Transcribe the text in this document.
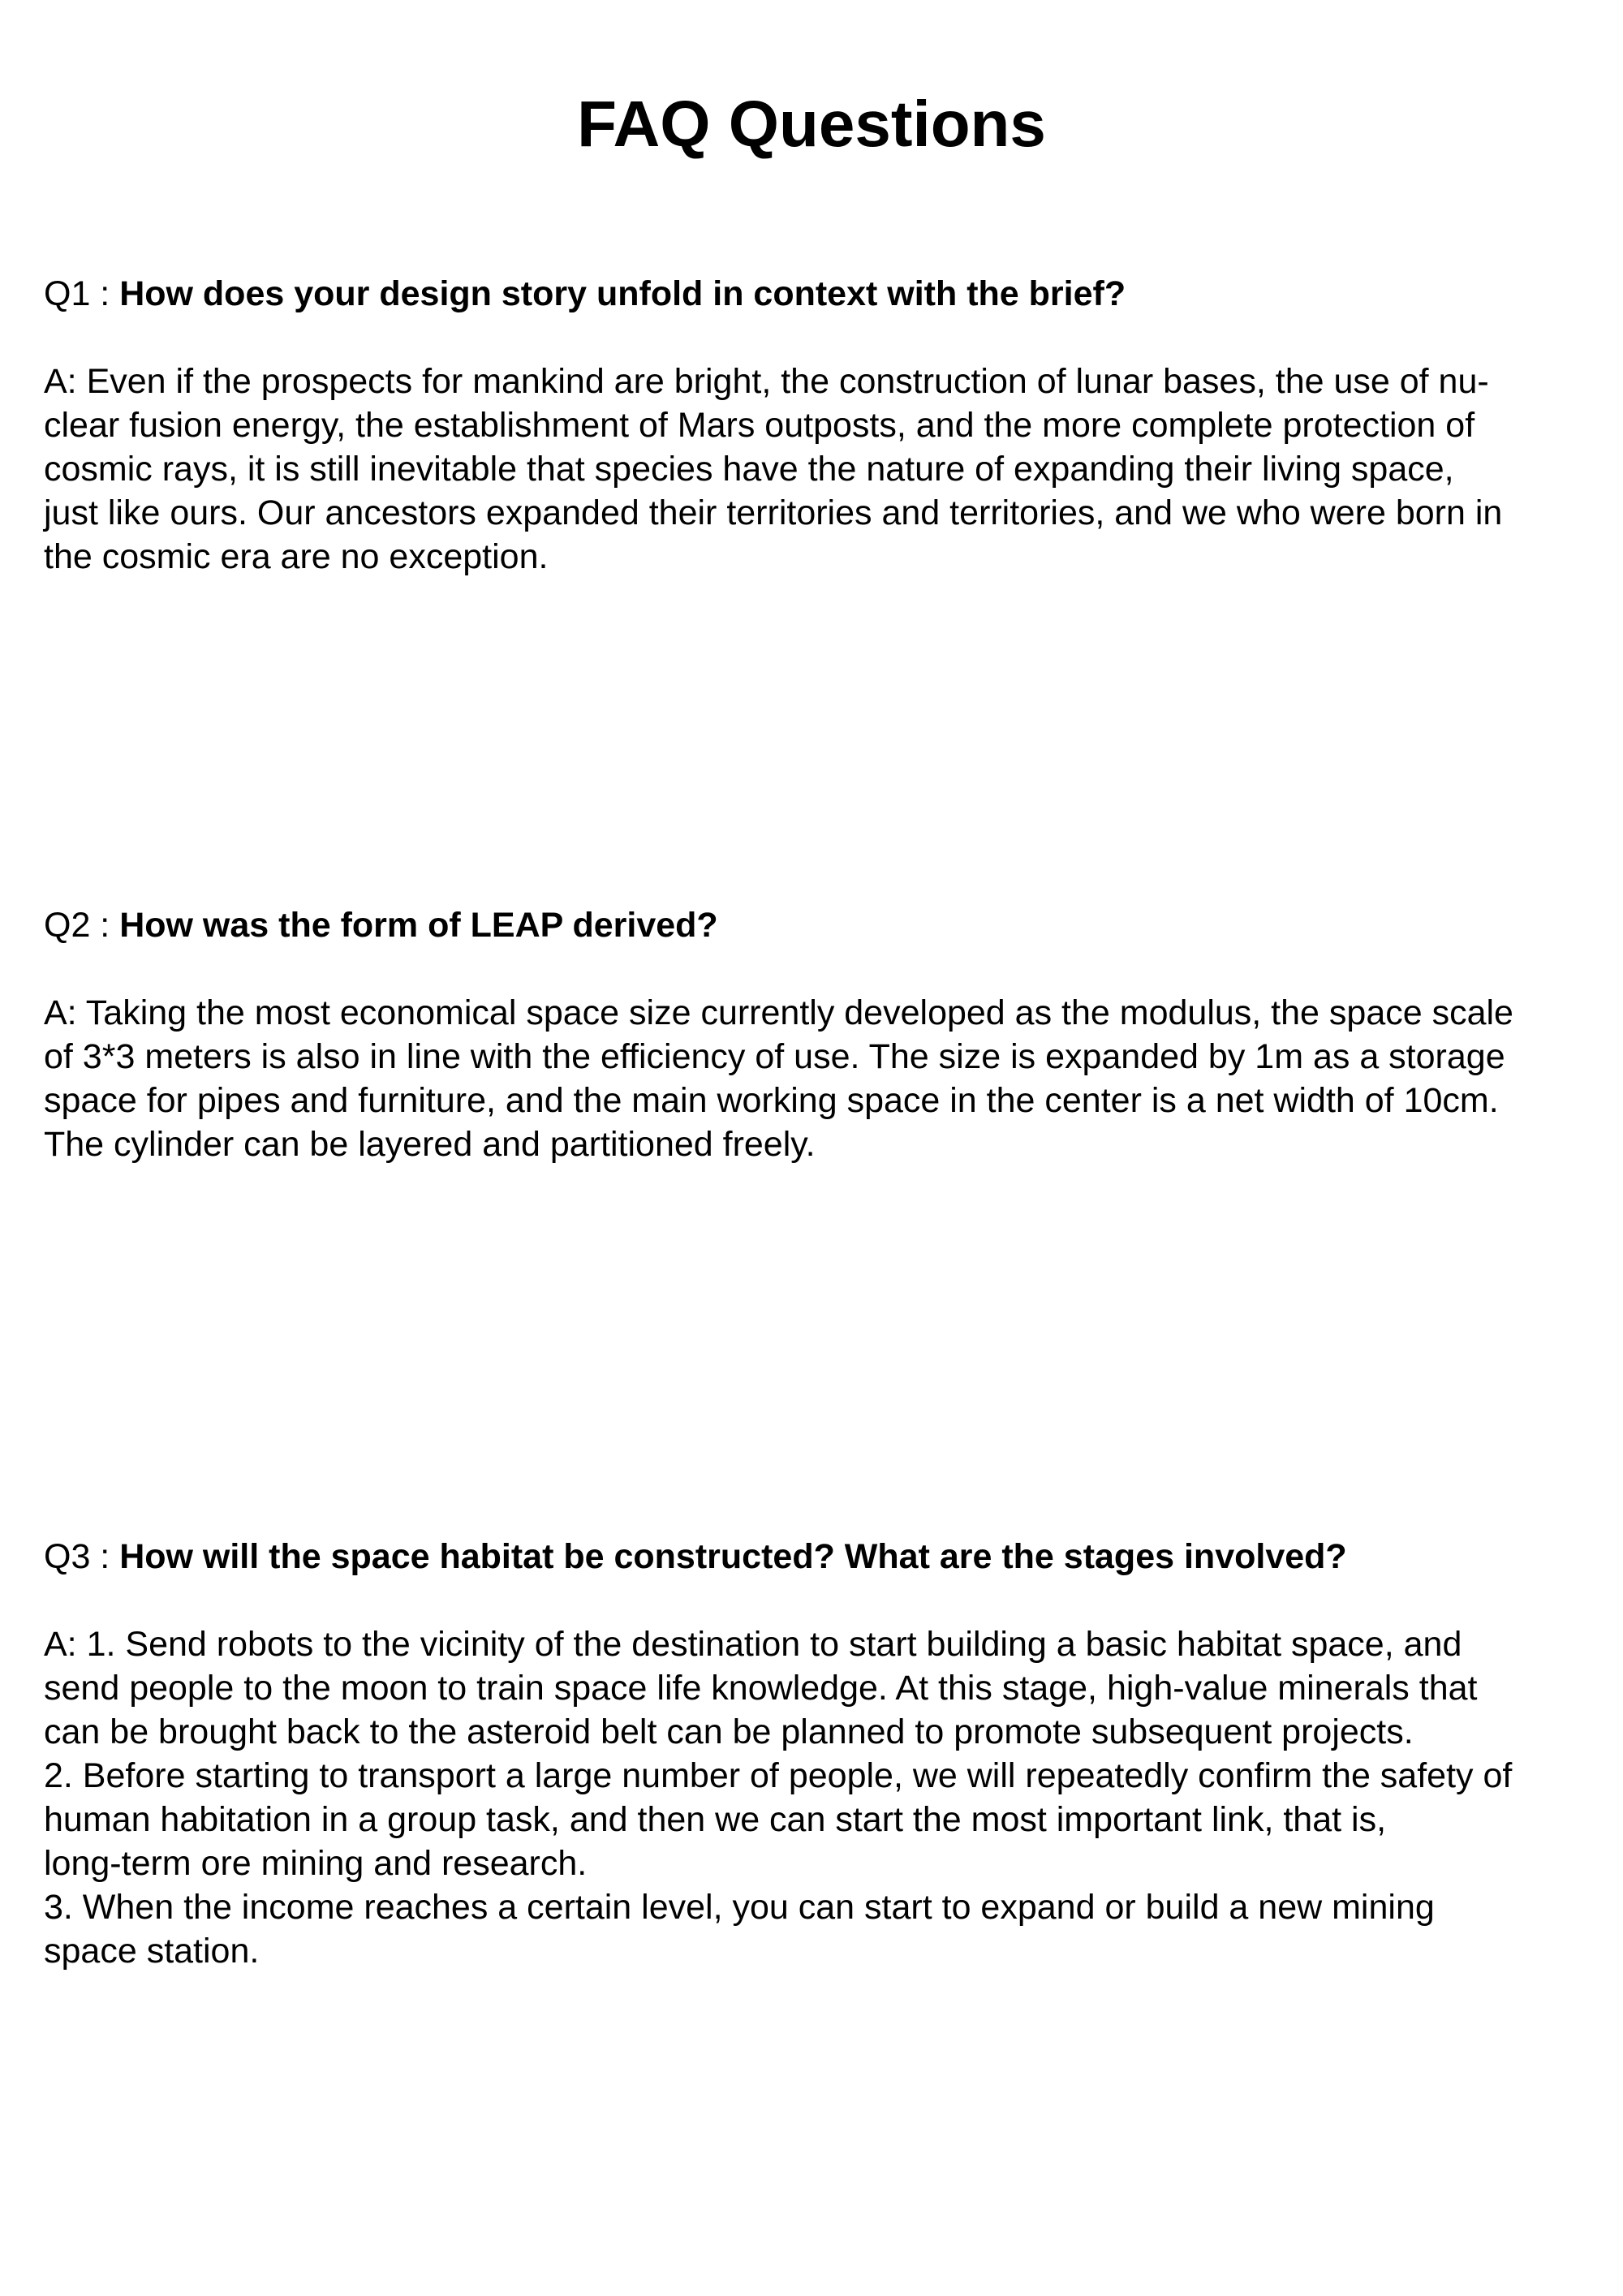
FAQ Questions

Q1 : How does your design story unfold in context with the brief?

A: Even if the prospects for mankind are bright, the construction of lunar bases, the use of nu-
clear fusion energy, the establishment of Mars outposts, and the more complete protection of
cosmic rays, it is still inevitable that species have the nature of expanding their living space,
just like ours. Our ancestors expanded their territories and territories, and we who were born in
the cosmic era are no exception.

Q2 : How was the form of LEAP derived?

A: Taking the most economical space size currently developed as the modulus, the space scale
of 3*3 meters is also in line with the efficiency of use. The size is expanded by 1m as a storage
space for pipes and furniture, and the main working space in the center is a net width of 10cm.
The cylinder can be layered and partitioned freely.

Q3 : How will the space habitat be constructed? What are the stages involved?

A: 1. Send robots to the vicinity of the destination to start building a basic habitat space, and
send people to the moon to train space life knowledge. At this stage, high-value minerals that
can be brought back to the asteroid belt can be planned to promote subsequent projects.
2. Before starting to transport a large number of people, we will repeatedly confirm the safety of
human habitation in a group task, and then we can start the most important link, that is,
long-term ore mining and research.
3. When the income reaches a certain level, you can start to expand or build a new mining
space station.
